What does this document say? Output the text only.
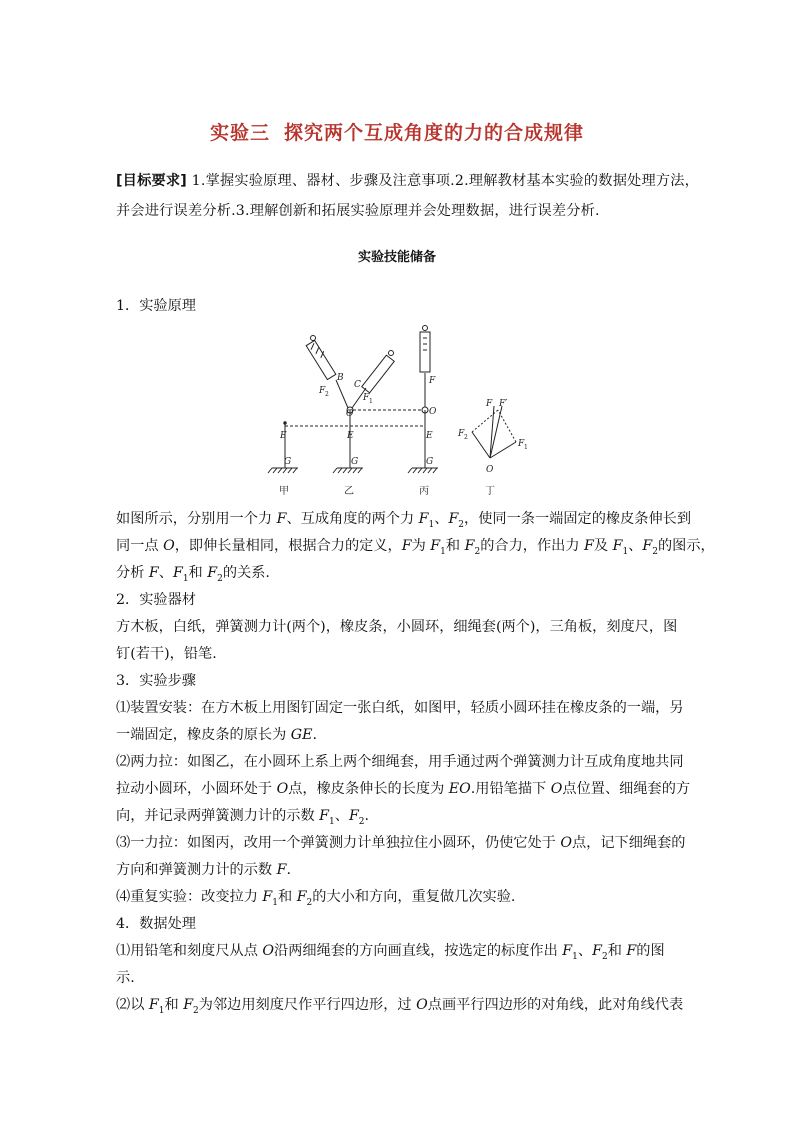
实验三 探究两个互成角度的力的合成规律
[目标要求] 1.掌握实验原理、器材、步骤及注意事项.2.理解教材基本实验的数据处理方法，
并会进行误差分析.3.理解创新和拓展实验原理并会处理数据，进行误差分析.
实验技能储备
1．实验原理
E
G
E
G
O
B
C
F 2	F 1
F
O
E
G
F F′
F 2
F 1
O
甲	乙	丙	丁
如图所示，分别用一个力 F、互成角度的两个力 $F_1$、$F_2$，使同一条一端固定的橡皮条伸长到
同一点 O，即伸长量相同，根据合力的定义，F为 $F_1$和 $F_2$的合力，作出力 F及 $F_1$、$F_2$的图示，
分析 F、$F_1$和 $F_2$的关系.
2．实验器材
方木板，白纸，弹簧测力计(两个)，橡皮条，小圆环，细绳套(两个)，三角板，刻度尺，图
钉(若干)，铅笔.
3．实验步骤
⑴装置安装：在方木板上用图钉固定一张白纸，如图甲，轻质小圆环挂在橡皮条的一端，另
一端固定，橡皮条的原长为 GE.
⑵两力拉：如图乙，在小圆环上系上两个细绳套，用手通过两个弹簧测力计互成角度地共同
拉动小圆环，小圆环处于 O点，橡皮条伸长的长度为 EO.用铅笔描下 O点位置、细绳套的方
向，并记录两弹簧测力计的示数 $F_1$、$F_2$.
⑶一力拉：如图丙，改用一个弹簧测力计单独拉住小圆环，仍使它处于 O点，记下细绳套的
方向和弹簧测力计的示数 F.
⑷重复实验：改变拉力 $F_1$和 $F_2$的大小和方向，重复做几次实验.
4．数据处理
⑴用铅笔和刻度尺从点 O沿两细绳套的方向画直线，按选定的标度作出 $F_1$、$F_2$和 F的图
示.
⑵以 $F_1$和 $F_2$为邻边用刻度尺作平行四边形，过 O点画平行四边形的对角线，此对角线代表
